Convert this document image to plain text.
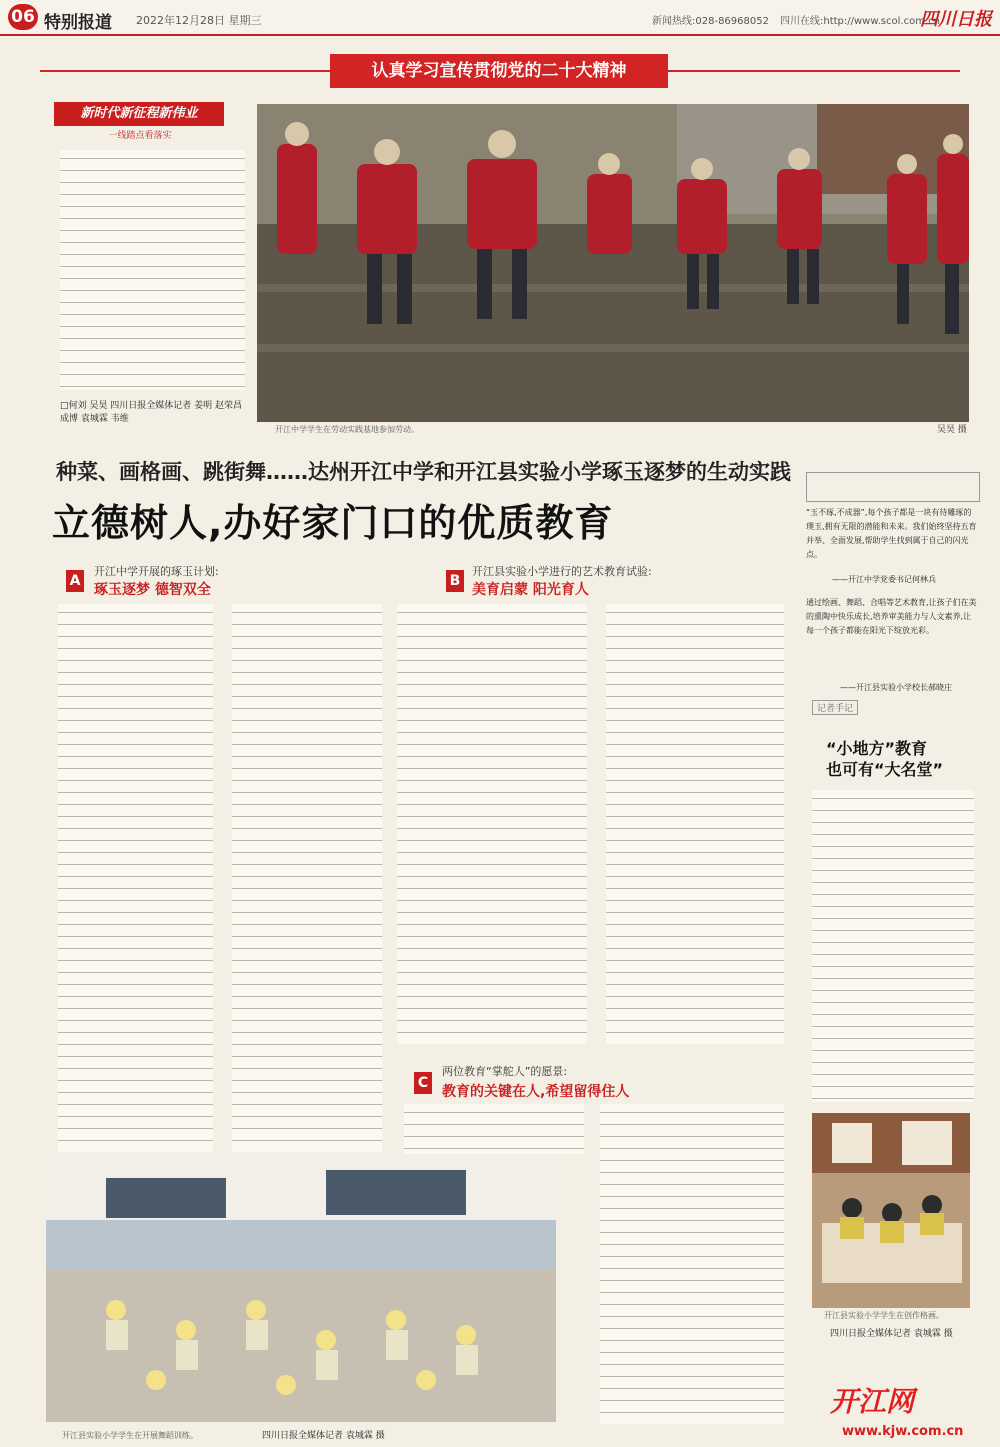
06 特别报道 2022年12月28日 星期三	新闻热线:028-86968052 四川在线:http://www.scol.com.cn
四川日报
认真学习宣传贯彻党的二十大精神
新时代新征程新伟业
一线踏点看落实
□何刘 吴昊 四川日报全媒体记者 姜明 赵荣昌 成博 袁城霖 韦维
开江中学学生在劳动实践基地参加劳动。	吴昊 摄
种菜、画格画、跳街舞……达州开江中学和开江县实验小学琢玉逐梦的生动实践
立德树人,办好家门口的优质教育
A
开江中学开展的琢玉计划:
琢玉逐梦 德智双全
B
开江县实验小学进行的艺术教育试验:
美育启蒙 阳光育人
C
两位教育“掌舵人”的愿景:
教育的关键在人,希望留得住人
开江县实验小学学生在开展舞蹈训练。	四川日报全媒体记者 袁城霖 摄
“玉不琢,不成器”,每个孩子都是一块有待雕琢的璞玉,拥有无限的潜能和未来。我们始终坚持五育并举、全面发展,帮助学生找到属于自己的闪光点。
——开江中学党委书记何林兵
通过绘画、舞蹈、合唱等艺术教育,让孩子们在美的熏陶中快乐成长,培养审美能力与人文素养,让每一个孩子都能在阳光下绽放光彩。
——开江县实验小学校长郝晓庄
记者手记
“小地方”教育
也可有“大名堂”
开江县实验小学学生在创作格画。
四川日报全媒体记者 袁城霖 摄
开江网
www.kjw.com.cn
